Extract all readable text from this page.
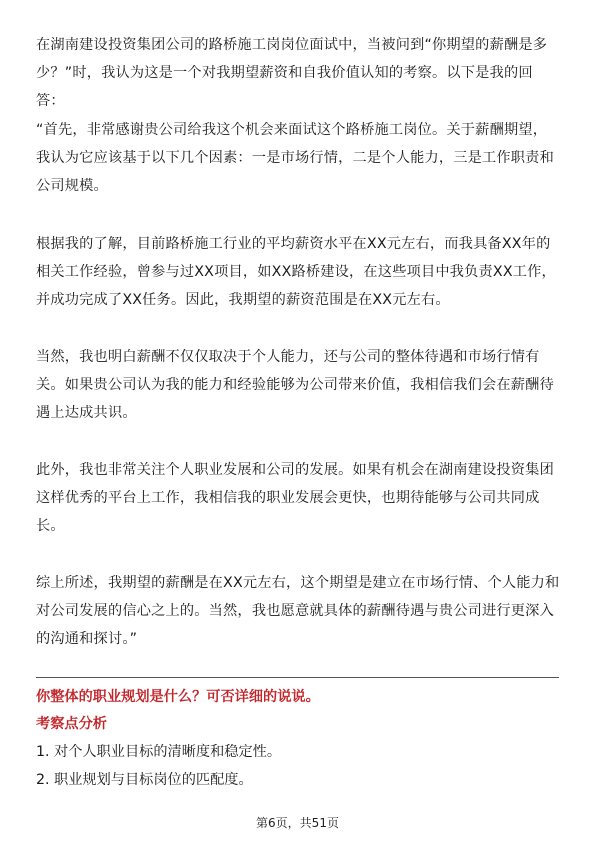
在湖南建设投资集团公司的路桥施工岗岗位面试中，当被问到“你期望的薪酬是多少？”时，我认为这是一个对我期望薪资和自我价值认知的考察。以下是我的回答：

“首先，非常感谢贵公司给我这个机会来面试这个路桥施工岗位。关于薪酬期望，我认为它应该基于以下几个因素：一是市场行情，二是个人能力，三是工作职责和公司规模。

根据我的了解，目前路桥施工行业的平均薪资水平在XX元左右，而我具备XX年的相关工作经验，曾参与过XX项目，如XX路桥建设，在这些项目中我负责XX工作，并成功完成了XX任务。因此，我期望的薪资范围是在XX元左右。

当然，我也明白薪酬不仅仅取决于个人能力，还与公司的整体待遇和市场行情有关。如果贵公司认为我的能力和经验能够为公司带来价值，我相信我们会在薪酬待遇上达成共识。

此外，我也非常关注个人职业发展和公司的发展。如果有机会在湖南建设投资集团这样优秀的平台上工作，我相信我的职业发展会更快，也期待能够与公司共同成长。

综上所述，我期望的薪酬是在XX元左右，这个期望是建立在市场行情、个人能力和对公司发展的信心之上的。当然，我也愿意就具体的薪酬待遇与贵公司进行更深入的沟通和探讨。”

你整体的职业规划是什么？可否详细的说说。

考察点分析

1. 对个人职业目标的清晰度和稳定性。

2. 职业规划与目标岗位的匹配度。

第6页，共51页
